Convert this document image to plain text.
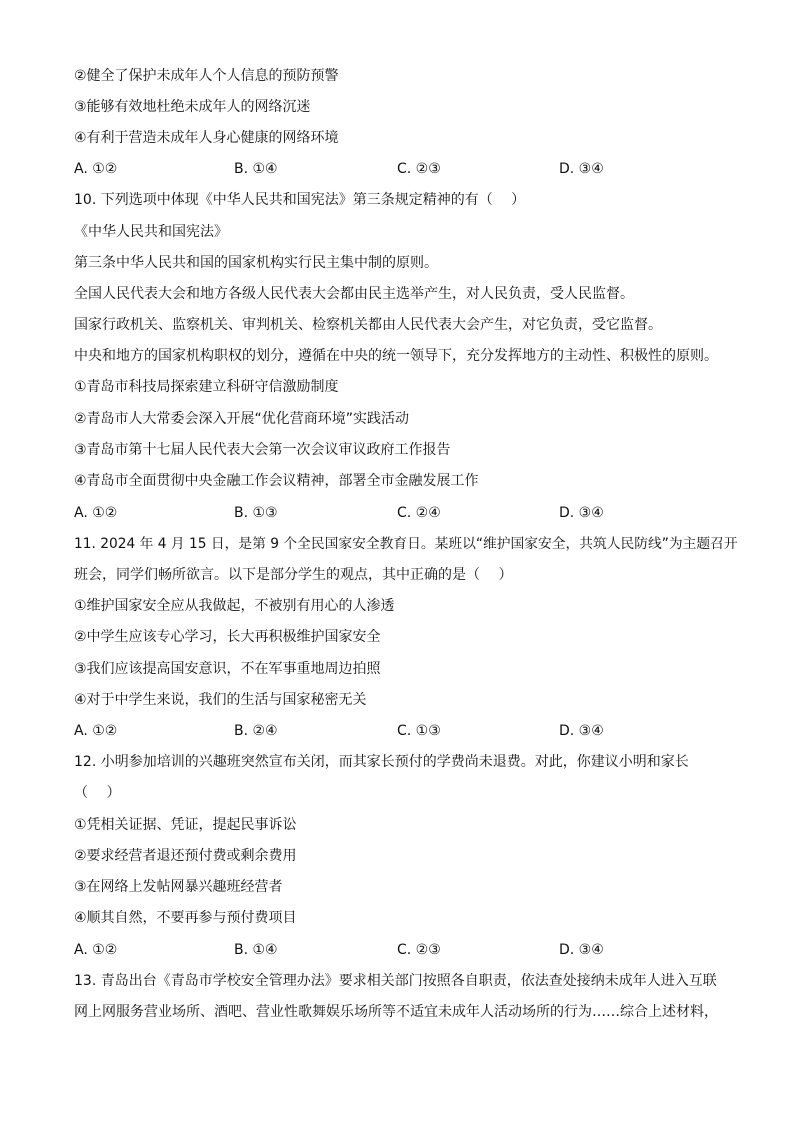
②健全了保护未成年人个人信息的预防预警
③能够有效地杜绝未成年人的网络沉迷
④有利于营造未成年人身心健康的网络环境
A. ①②	B. ①④	C. ②③	D. ③④
10. 下列选项中体现《中华人民共和国宪法》第三条规定精神的有（　 ）
《中华人民共和国宪法》
第三条中华人民共和国的国家机构实行民主集中制的原则。
全国人民代表大会和地方各级人民代表大会都由民主选举产生，对人民负责，受人民监督。
国家行政机关、监察机关、审判机关、检察机关都由人民代表大会产生，对它负责，受它监督。
中央和地方的国家机构职权的划分，遵循在中央的统一领导下，充分发挥地方的主动性、积极性的原则。
①青岛市科技局探索建立科研守信激励制度
②青岛市人大常委会深入开展“优化营商环境”实践活动
③青岛市第十七届人民代表大会第一次会议审议政府工作报告
④青岛市全面贯彻中央金融工作会议精神，部署全市金融发展工作
A. ①②	B. ①③	C. ②④	D. ③④
11. 2024 年 4 月 15 日，是第 9 个全民国家安全教育日。某班以“维护国家安全，共筑人民防线”为主题召开
班会，同学们畅所欲言。以下是部分学生的观点，其中正确的是（　 ）
①维护国家安全应从我做起，不被别有用心的人渗透
②中学生应该专心学习，长大再积极维护国家安全
③我们应该提高国安意识，不在军事重地周边拍照
④对于中学生来说，我们的生活与国家秘密无关
A. ①②	B. ②④	C. ①③	D. ③④
12. 小明参加培训的兴趣班突然宣布关闭，而其家长预付的学费尚未退费。对此，你建议小明和家长
（　 ）
①凭相关证据、凭证，提起民事诉讼
②要求经营者退还预付费或剩余费用
③在网络上发帖网暴兴趣班经营者
④顺其自然，不要再参与预付费项目
A. ①②	B. ①④	C. ②③	D. ③④
13. 青岛出台《青岛市学校安全管理办法》要求相关部门按照各自职责，依法查处接纳未成年人进入互联
网上网服务营业场所、酒吧、营业性歌舞娱乐场所等不适宜未成年人活动场所的行为……综合上述材料，
